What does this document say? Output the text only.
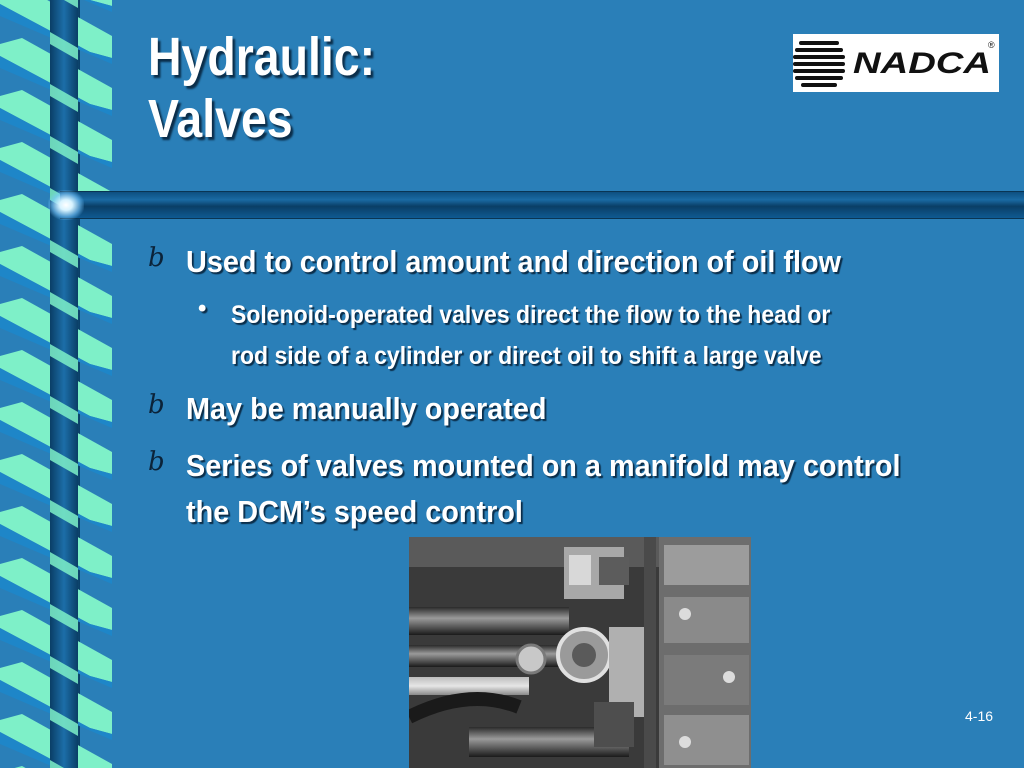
Hydraulic:
Valves
NADCA
®
b Used to control amount and direction of oil flow
• Solenoid-operated valves direct the flow to the head or
rod side of a cylinder or direct oil to shift a large valve
b May be manually operated
b Series of valves mounted on a manifold may control
the DCM’s speed control
4-16
